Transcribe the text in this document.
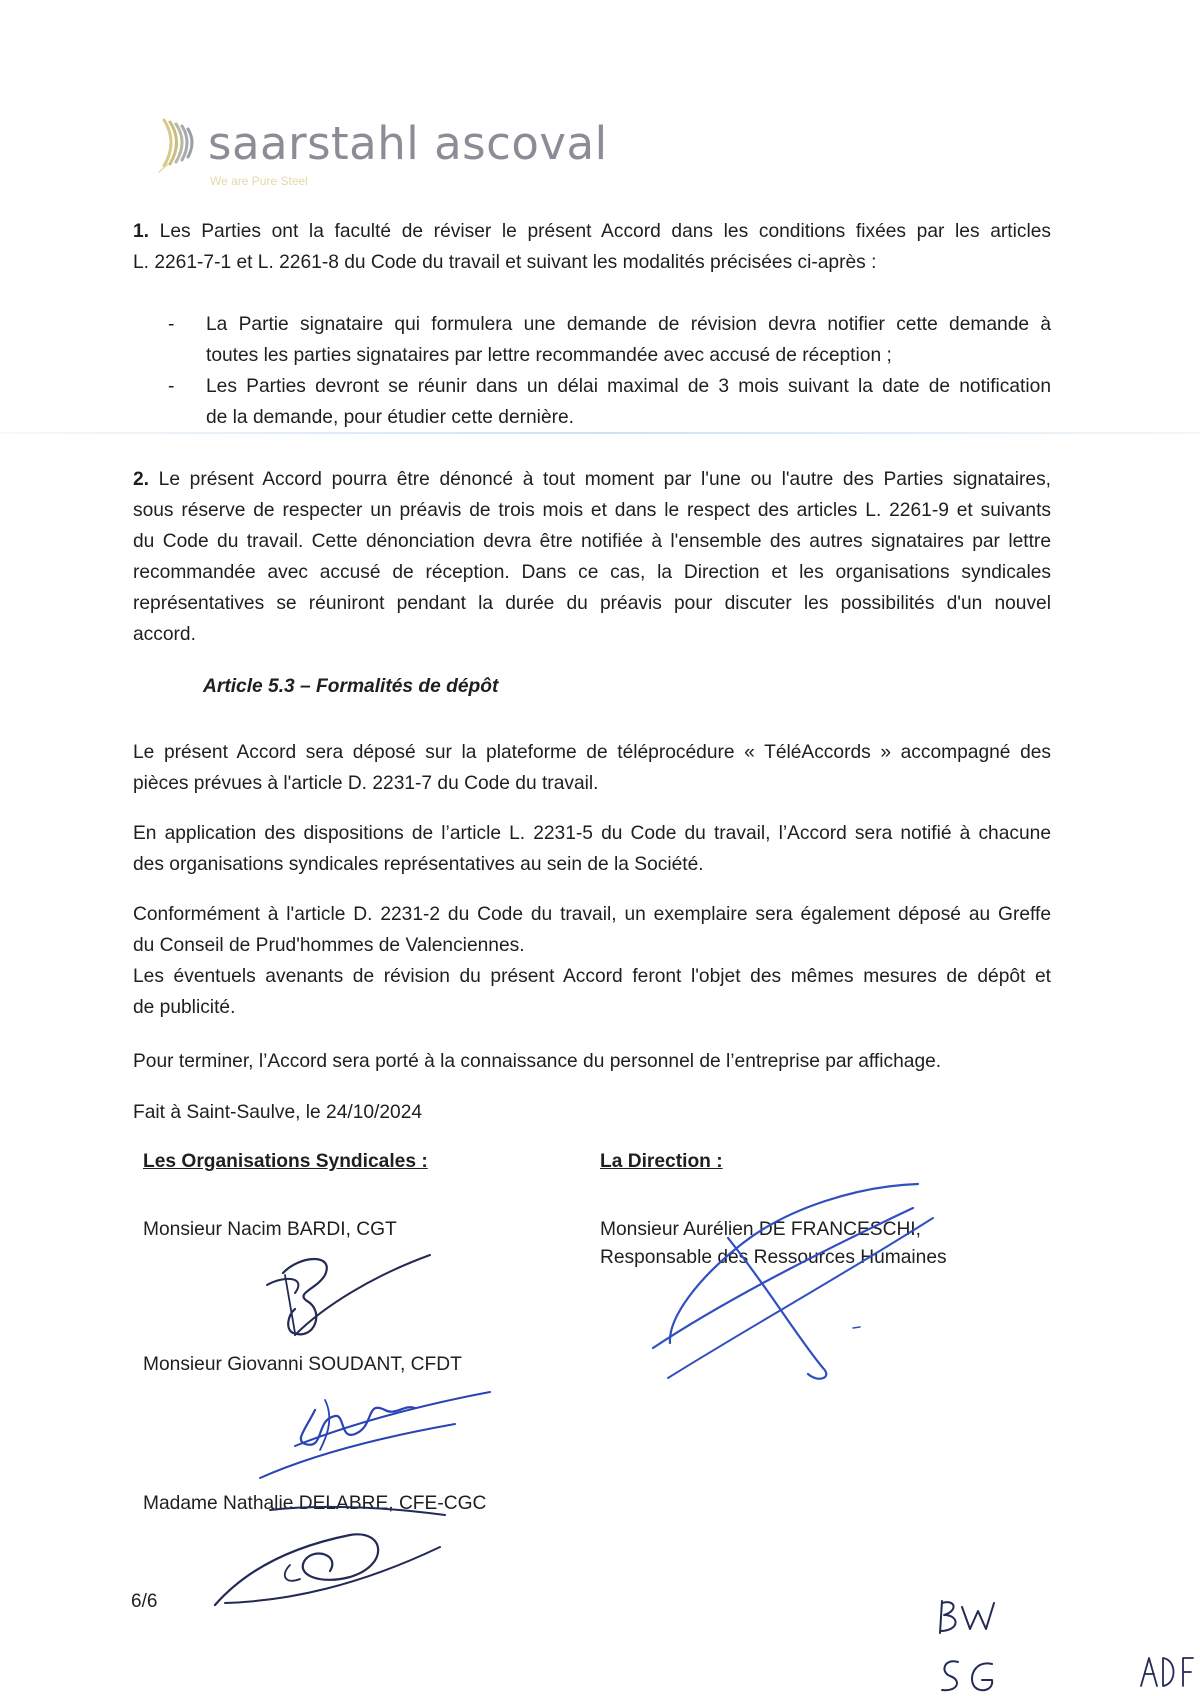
saarstahl ascoval
We are Pure Steel
1. Les Parties ont la faculté de réviser le présent Accord dans les conditions fixées par les articles
L. 2261-7-1 et L. 2261-8 du Code du travail et suivant les modalités précisées ci-après :
- La Partie signataire qui formulera une demande de révision devra notifier cette demande à
toutes les parties signataires par lettre recommandée avec accusé de réception ;
- Les Parties devront se réunir dans un délai maximal de 3 mois suivant la date de notification
de la demande, pour étudier cette dernière.
2. Le présent Accord pourra être dénoncé à tout moment par l'une ou l'autre des Parties signataires,
sous réserve de respecter un préavis de trois mois et dans le respect des articles L. 2261-9 et suivants
du Code du travail. Cette dénonciation devra être notifiée à l'ensemble des autres signataires par lettre
recommandée avec accusé de réception. Dans ce cas, la Direction et les organisations syndicales
représentatives se réuniront pendant la durée du préavis pour discuter les possibilités d'un nouvel
accord.
Article 5.3 – Formalités de dépôt
Le présent Accord sera déposé sur la plateforme de téléprocédure « TéléAccords » accompagné des
pièces prévues à l'article D. 2231-7 du Code du travail.
En application des dispositions de l’article L. 2231-5 du Code du travail, l’Accord sera notifié à chacune
des organisations syndicales représentatives au sein de la Société.
Conformément à l'article D. 2231-2 du Code du travail, un exemplaire sera également déposé au Greffe
du Conseil de Prud'hommes de Valenciennes.
Les éventuels avenants de révision du présent Accord feront l'objet des mêmes mesures de dépôt et
de publicité.
Pour terminer, l’Accord sera porté à la connaissance du personnel de l’entreprise par affichage.
Fait à Saint-Saulve, le 24/10/2024
Les Organisations Syndicales :	La Direction :
Monsieur Nacim BARDI, CGT
Monsieur Giovanni SOUDANT, CFDT
Madame Nathalie DELABRE, CFE-CGC
Monsieur Aurélien DE FRANCESCHI,
Responsable des Ressources Humaines
6/6
